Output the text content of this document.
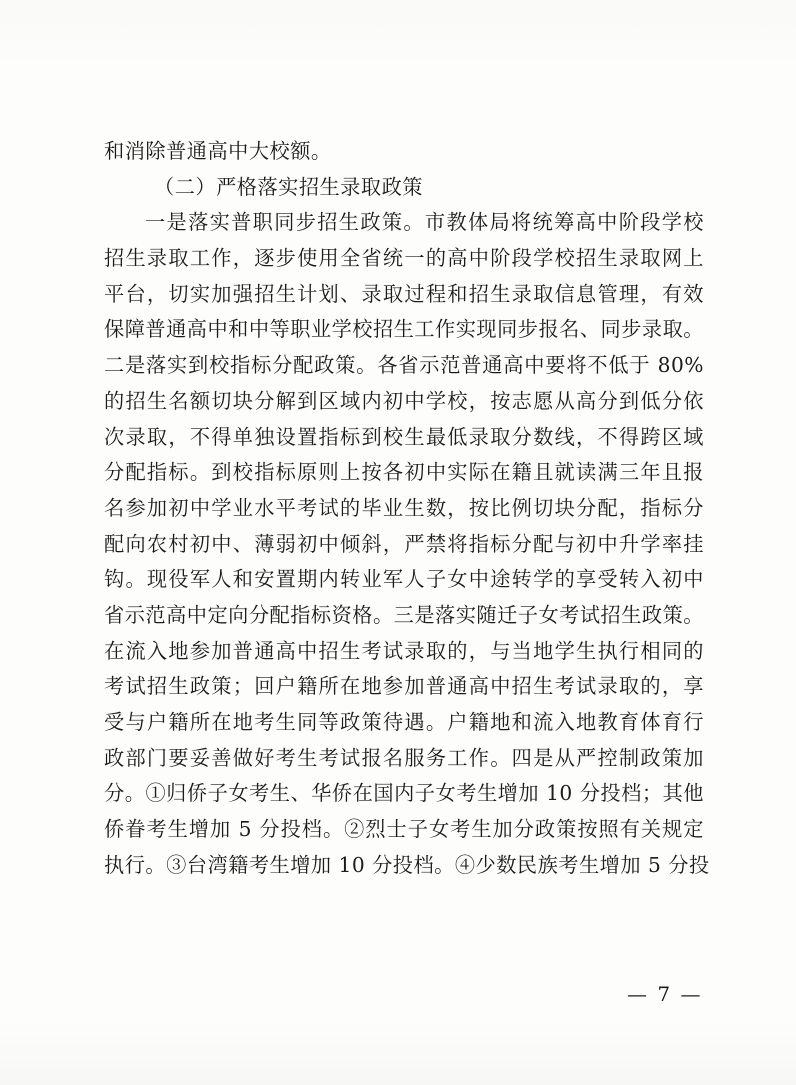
和消除普通高中大校额。
（二）严格落实招生录取政策
一是落实普职同步招生政策。市教体局将统筹高中阶段学校
招生录取工作，逐步使用全省统一的高中阶段学校招生录取网上
平台，切实加强招生计划、录取过程和招生录取信息管理，有效
保障普通高中和中等职业学校招生工作实现同步报名、同步录取。
二是落实到校指标分配政策。各省示范普通高中要将不低于 80%
的招生名额切块分解到区域内初中学校，按志愿从高分到低分依
次录取，不得单独设置指标到校生最低录取分数线，不得跨区域
分配指标。到校指标原则上按各初中实际在籍且就读满三年且报
名参加初中学业水平考试的毕业生数，按比例切块分配，指标分
配向农村初中、薄弱初中倾斜，严禁将指标分配与初中升学率挂
钩。现役军人和安置期内转业军人子女中途转学的享受转入初中
省示范高中定向分配指标资格。三是落实随迁子女考试招生政策。
在流入地参加普通高中招生考试录取的，与当地学生执行相同的
考试招生政策；回户籍所在地参加普通高中招生考试录取的，享
受与户籍所在地考生同等政策待遇。户籍地和流入地教育体育行
政部门要妥善做好考生考试报名服务工作。四是从严控制政策加
分。①归侨子女考生、华侨在国内子女考生增加 10 分投档；其他
侨眷考生增加 5 分投档。②烈士子女考生加分政策按照有关规定
执行。③台湾籍考生增加 10 分投档。④少数民族考生增加 5 分投
— 7 —
